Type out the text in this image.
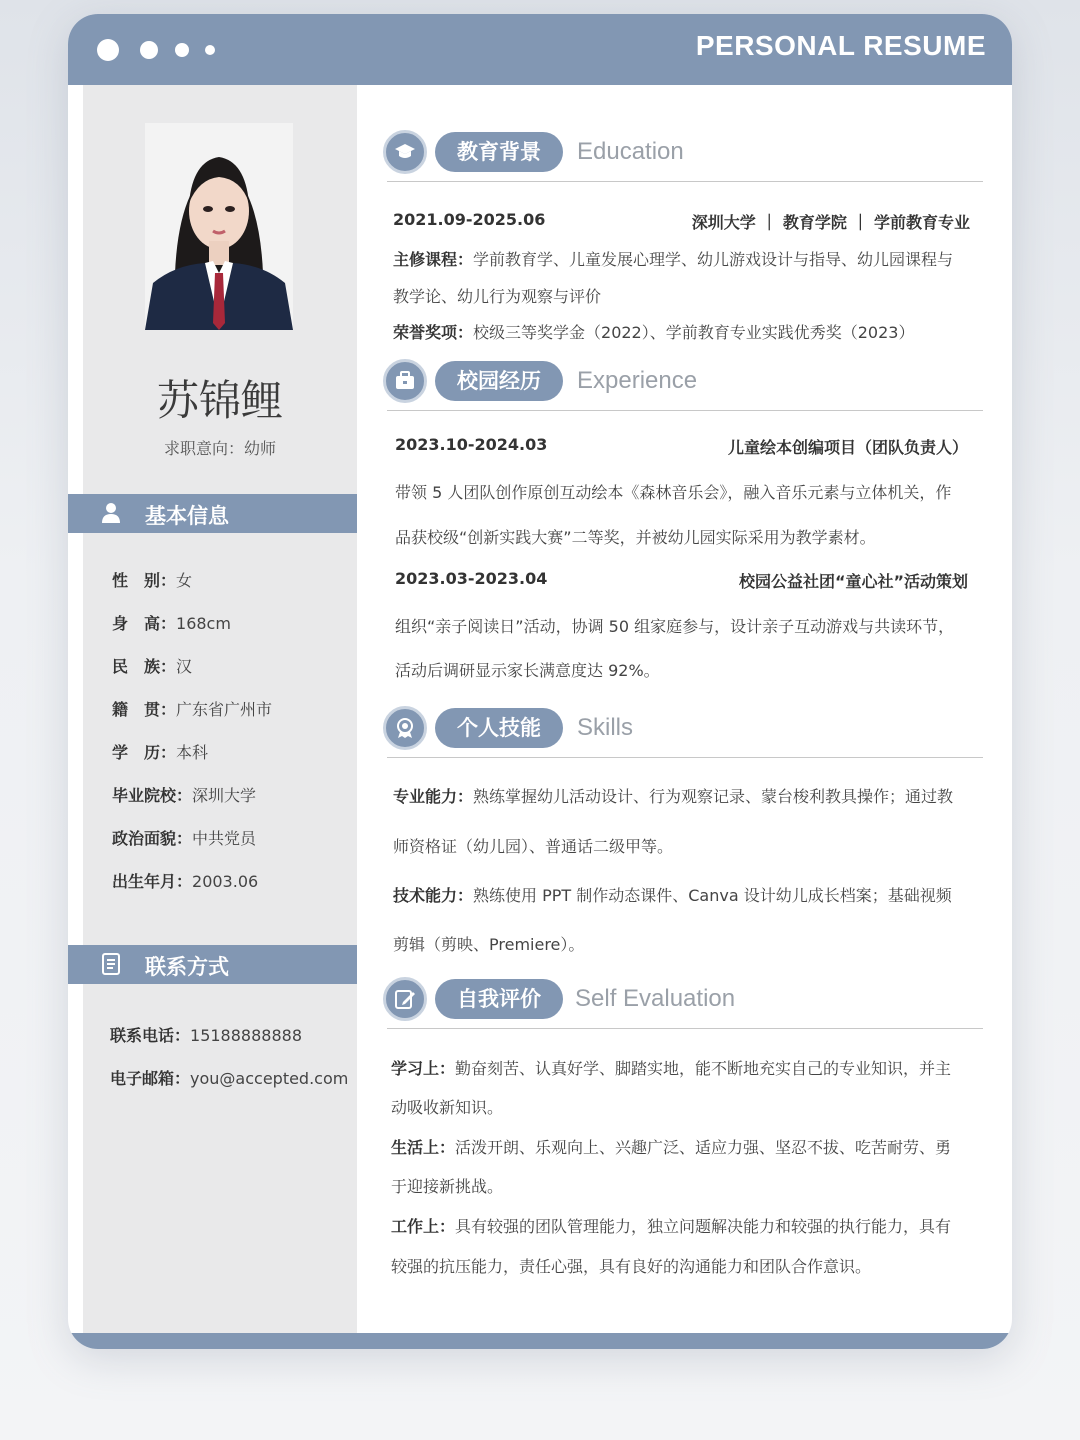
PERSONAL RESUME
苏锦鲤
求职意向：幼师
基本信息
性　别：女
身　高：168cm
民　族：汉
籍　贯：广东省广州市
学　历：本科
毕业院校：深圳大学
政治面貌：中共党员
出生年月：2003.06
联系方式
联系电话：15188888888
电子邮箱：you@accepted.com
教育背景	Education
2021.09-2025.06	深圳大学 ｜ 教育学院 ｜ 学前教育专业
主修课程：学前教育学、儿童发展心理学、幼儿游戏设计与指导、幼儿园课程与
教学论、幼儿行为观察与评价
荣誉奖项：校级三等奖学金（2022）、学前教育专业实践优秀奖（2023）
校园经历	Experience
2023.10-2024.03	儿童绘本创编项目（团队负责人）
带领 5 人团队创作原创互动绘本《森林音乐会》，融入音乐元素与立体机关，作
品获校级“创新实践大赛”二等奖，并被幼儿园实际采用为教学素材。
2023.03-2023.04	校园公益社团“童心社”活动策划
组织“亲子阅读日”活动，协调 50 组家庭参与，设计亲子互动游戏与共读环节，
活动后调研显示家长满意度达 92%。
个人技能	Skills
专业能力：熟练掌握幼儿活动设计、行为观察记录、蒙台梭利教具操作；通过教
师资格证（幼儿园）、普通话二级甲等。
技术能力：熟练使用 PPT 制作动态课件、Canva 设计幼儿成长档案；基础视频
剪辑（剪映、Premiere）。
自我评价	Self Evaluation
学习上：勤奋刻苦、认真好学、脚踏实地，能不断地充实自己的专业知识，并主
动吸收新知识。
生活上：活泼开朗、乐观向上、兴趣广泛、适应力强、坚忍不拔、吃苦耐劳、勇
于迎接新挑战。
工作上：具有较强的团队管理能力，独立问题解决能力和较强的执行能力，具有
较强的抗压能力，责任心强，具有良好的沟通能力和团队合作意识。
